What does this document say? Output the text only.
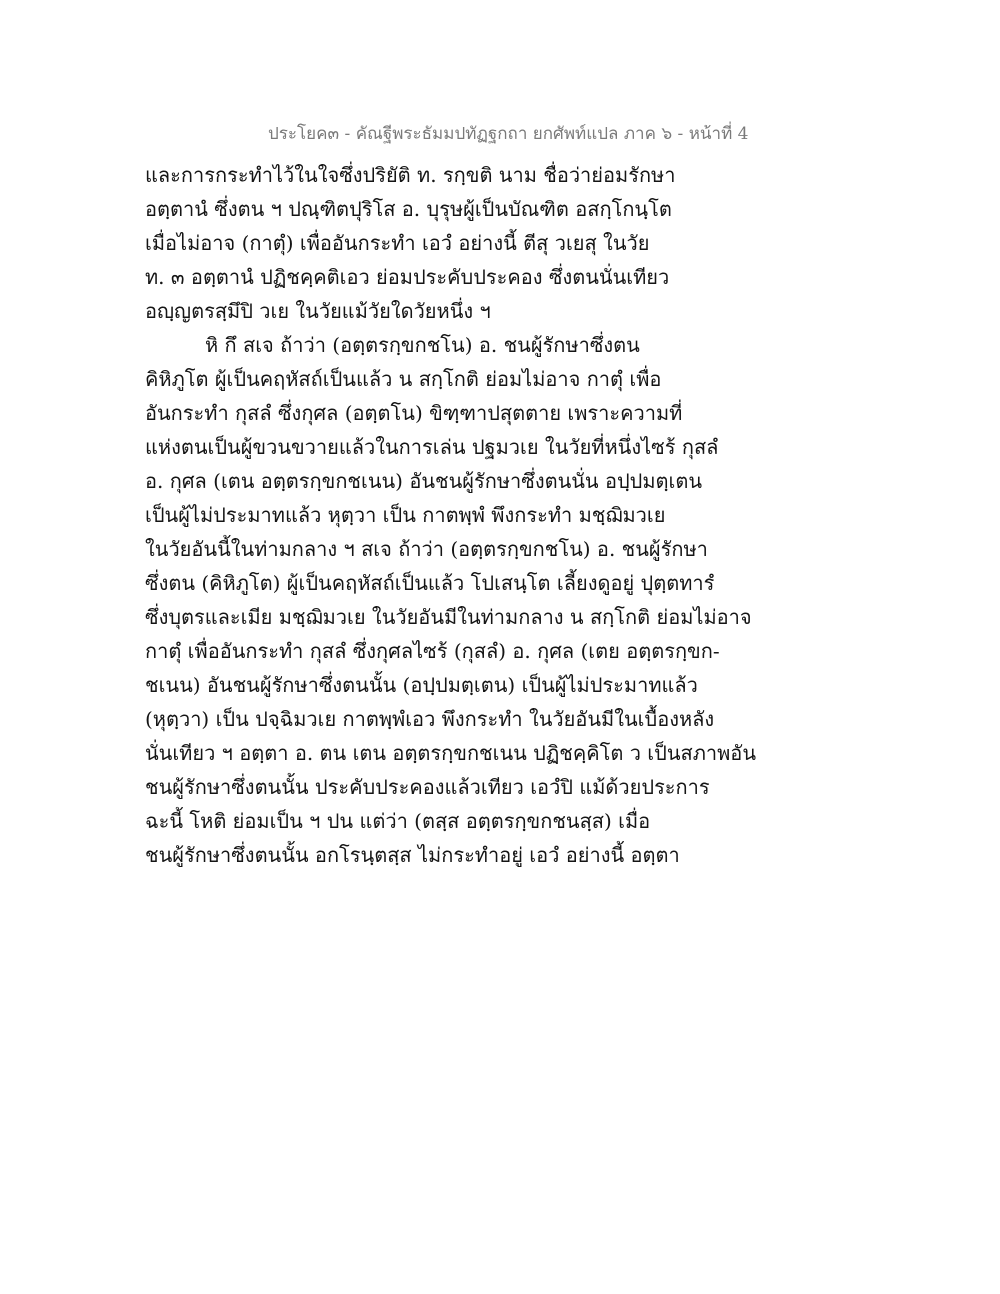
ประโยค๓ - คัณฐีพระธัมมปทัฏฐกถา ยกศัพท์แปล ภาค ๖ - หน้าที่ 4
และการกระทำไว้ในใจซึ่งปริยัติ ท. รกฺขติ นาม ชื่อว่าย่อมรักษา
อตฺตานํ ซึ่งตน ฯ ปณฺฑิตปุริโส อ. บุรุษผู้เป็นบัณฑิต อสกฺโกนฺโต
เมื่อไม่อาจ (กาตุํ) เพื่ออันกระทำ เอวํ อย่างนี้ ตีสุ วเยสุ ในวัย
ท. ๓ อตฺตานํ ปฏิชคฺคติเอว ย่อมประคับประคอง ซึ่งตนนั่นเทียว
อญฺญตรสฺมึปิ วเย ในวัยแม้วัยใดวัยหนึ่ง ฯ
หิ กึ สเจ ถ้าว่า (อตฺตรกฺขกชโน) อ. ชนผู้รักษาซึ่งตน
คิหิภูโต ผู้เป็นคฤหัสถ์เป็นแล้ว น สกฺโกติ ย่อมไม่อาจ กาตุํ เพื่อ
อันกระทำ กุสลํ ซึ่งกุศล (อตฺตโน) ขิฑฺฑาปสุตตาย เพราะความที่
แห่งตนเป็นผู้ขวนขวายแล้วในการเล่น ปฐมวเย ในวัยที่หนึ่งไซร้ กุสลํ
อ. กุศล (เตน อตฺตรกฺขกชเนน) อันชนผู้รักษาซึ่งตนนั่น อปฺปมตฺเตน
เป็นผู้ไม่ประมาทแล้ว หุตฺวา เป็น กาตพฺพํ พึงกระทำ มชฺฌิมวเย
ในวัยอันนี้ในท่ามกลาง ฯ สเจ ถ้าว่า (อตฺตรกฺขกชโน) อ. ชนผู้รักษา
ซึ่งตน (คิหิภูโต) ผู้เป็นคฤหัสถ์เป็นแล้ว โปเสนฺโต เลี้ยงดูอยู่ ปุตฺตทารํ
ซึ่งบุตรและเมีย มชฺฌิมวเย ในวัยอันมีในท่ามกลาง น สกฺโกติ ย่อมไม่อาจ
กาตุํ เพื่ออันกระทำ กุสลํ ซึ่งกุศลไซร้ (กุสลํ) อ. กุศล (เตย อตฺตรกฺขก-
ชเนน) อันชนผู้รักษาซึ่งตนนั้น (อปฺปมตฺเตน) เป็นผู้ไม่ประมาทแล้ว
(หุตฺวา) เป็น ปจฺฉิมวเย กาตพฺพํเอว พึงกระทำ ในวัยอันมีในเบื้องหลัง
นั่นเทียว ฯ อตฺตา อ. ตน เตน อตฺตรกฺขกชเนน ปฏิชคฺคิโต ว เป็นสภาพอัน
ชนผู้รักษาซึ่งตนนั้น ประคับประคองแล้วเทียว เอวํปิ แม้ด้วยประการ
ฉะนี้ โหติ ย่อมเป็น ฯ ปน แต่ว่า (ตสฺส อตฺตรกฺขกชนสฺส) เมื่อ
ชนผู้รักษาซึ่งตนนั้น อกโรนฺตสฺส ไม่กระทำอยู่ เอวํ อย่างนี้ อตฺตา
